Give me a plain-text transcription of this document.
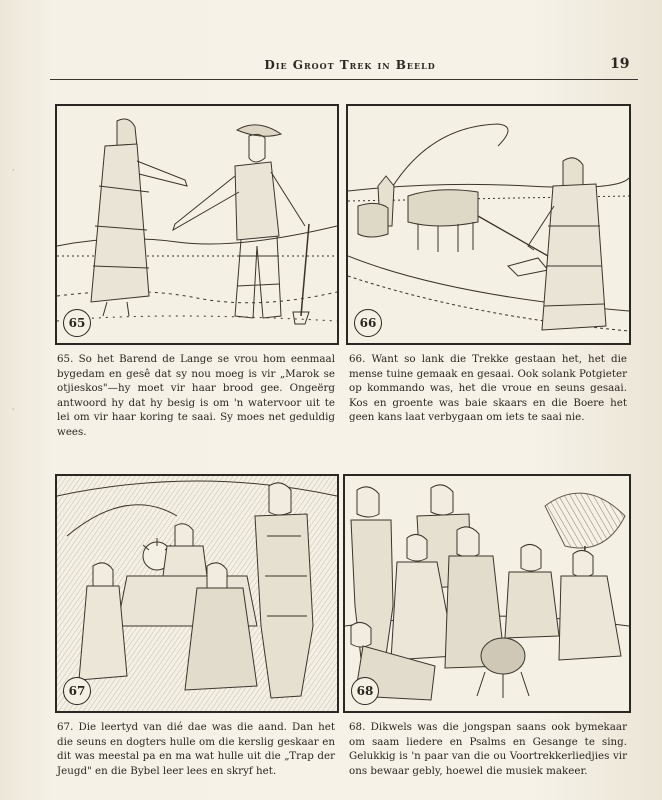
·
·
Die Groot Trek in Beeld	19
65	66
65. So het Barend de Lange se vrou hom eenmaal bygedam en gesê dat sy nou moeg is vir „Marok se otjieskos"—hy moet vir haar brood gee. Ongeërg antwoord hy dat hy besig is om 'n watervoor uit te lei om vir haar koring te saai. Sy moes net geduldig wees.
66. Want so lank die Trekke gestaan het, het die mense tuine gemaak en gesaai. Ook solank Potgieter op kommando was, het die vroue en seuns gesaai. Kos en groente was baie skaars en die Boere het geen kans laat verbygaan om iets te saai nie.
67	68
67. Die leertyd van dié dae was die aand. Dan het die seuns en dogters hulle om die kerslig geskaar en dit was meestal pa en ma wat hulle uit die „Trap der Jeugd" en die Bybel leer lees en skryf het.
68. Dikwels was die jongspan saans ook bymekaar om saam liedere en Psalms en Gesange te sing. Gelukkig is 'n paar van die ou Voortrekkerliedjies vir ons bewaar gebly, hoewel die musiek makeer.
